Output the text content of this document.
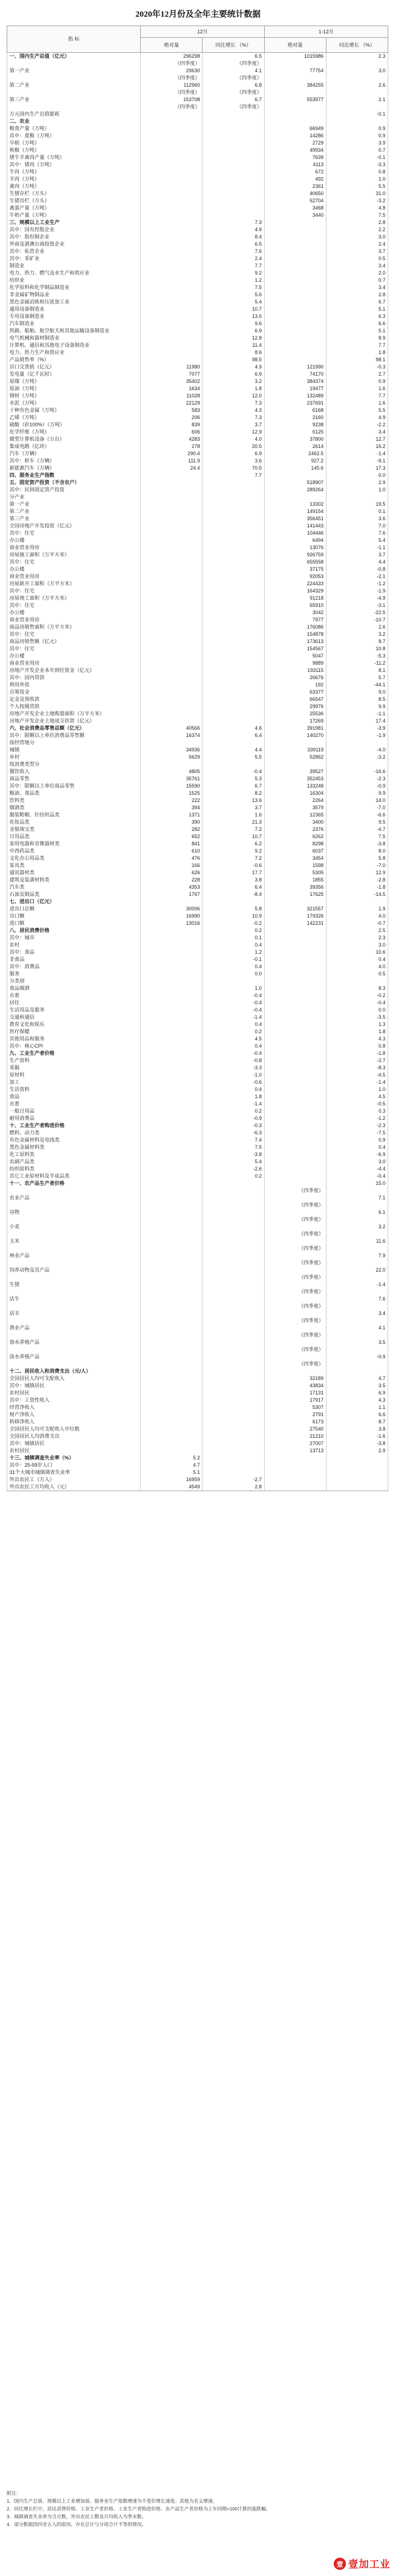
2020年12月份及全年主要统计数据
指 标	12月		1-12月	
	绝对量	同比增长 （%）	绝对量	同比增长 （%）
一、国内生产总值（亿元）	296298	6.5	1015986	2.3
	（四季度）	（四季度）		
第一产业	29630	4.1	77754	3.0
	（四季度）	（四季度）		
第二产业	112960	6.8	384255	2.6
	（四季度）	（四季度）		
第三产业	153708	6.7	553977	2.1
	（四季度）	（四季度）		
万元国内生产总值能耗				-0.1
二、农业				
粮食产量（万吨）			66949	0.9
其中：夏粮（万吨）			14286	0.9
早稻（万吨）			2729	3.9
秋粮（万吨）			49934	0.7
猪牛羊禽肉产量（万吨）			7639	-0.1
其中：猪肉（万吨）			4113	-3.3
牛肉（万吨）			672	0.8
羊肉（万吨）			492	1.0
禽肉（万吨）			2361	5.5
生猪存栏（万头）			40650	31.0
生猪出栏（万头）			52704	-3.2
禽蛋产量（万吨）			3468	4.8
牛奶产量（万吨）			3440	7.5
三、规模以上工业生产		7.3		2.8
其中：国有控股企业		4.9		2.2
其中：股份制企业		8.4		3.0
外商及港澳台商投资企业		6.5		2.4
其中：私营企业		7.6		3.7
其中：采矿业		2.4		0.5
制造业		7.7		3.4
电力、热力、燃气及水生产和供应业		9.2		2.0
纺织业		1.2		0.7
化学原料和化学制品制造业		7.5		3.4
非金属矿物制品业		5.6		2.8
黑色金属冶炼和压延加工业		5.4		6.7
通用设备制造业		10.7		5.1
专用设备制造业		13.5		6.3
汽车制造业		9.6		6.6
铁路、船舶、航空航天和其他运输设备制造业		6.9		5.1
电气机械和器材制造业		12.8		8.9
计算机、通信和其他电子设备制造业		11.4		7.7
电力、热力生产和供应业		8.6		1.8
产品销售率（%）		98.5		98.1
出口交货值（亿元）	11980	4.9	121990	-0.3
发电量（亿千瓦时）	7077	6.9	74170	2.7
原煤（万吨）	35402	3.2	384374	0.9
原油（万吨）	1634	1.8	19477	1.6
钢材（万吨）	11028	12.0	132489	7.7
水泥（万吨）	22129	7.3	237691	1.6
十种有色金属（万吨）	583	4.3	6168	5.5
乙烯（万吨）	206	7.3	2160	4.9
硫酸（折100%）（万吨）	839	3.7	9238	-2.2
化学纤维（万吨）	606	12.9	6125	3.4
微型计算机设备（万台）	4283	4.0	37800	12.7
集成电路（亿块）	278	20.5	2614	16.2
汽车（万辆）	290.4	6.9	2462.5	-1.4
其中：轿车（万辆）	111.9	3.6	927.2	-9.1
新能源汽车（万辆）	24.4	70.5	145.6	17.3
四、服务业生产指数		7.7		0.0
五、固定资产投资（不含农户）			518907	2.9
其中：民间固定资产投资			289264	1.0
分产业				
第一产业			13302	19.5
第二产业			149154	0.1
第三产业			356451	3.6
全国房地产开发投资（亿元）			141443	7.0
其中：住宅			104446	7.6
办公楼			6494	5.4
商业营业用房			13076	-1.1
房屋施工面积（万平方米）			926759	3.7
其中：住宅			655558	4.4
办公楼			37175	-0.8
商业营业用房			92053	-2.1
房屋新开工面积（万平方米）			224433	-1.2
其中：住宅			164329	-1.9
房屋竣工面积（万平方米）			91218	-4.9
其中：住宅			65910	-3.1
办公楼			3042	-22.5
商业营业用房			7977	-10.7
商品房销售面积（万平方米）			176086	2.6
其中：住宅			154878	3.2
商品房销售额（亿元）			173613	8.7
其中：住宅			154567	10.8
办公楼			5047	-5.3
商业营业用房			9889	-11.2
房地产开发企业本年到位资金（亿元）			193115	8.1
其中：国内贷款			26676	5.7
利用外资			192	-44.1
自筹资金			63377	9.0
定金及预收款			66547	8.5
个人按揭贷款			29976	9.9
房地产开发企业土地购置面积（万平方米）			25536	-1.1
房地产开发企业土地成交价款（亿元）			17269	17.4
六、社会消费品零售总额（亿元）	40566	4.6	391981	-3.9
其中：限额以上单位消费品零售额	16374	6.4	140270	-1.9
按经营地分				
城镇	34936	4.4	339119	-4.0
乡村	5629	5.5	52862	-3.2
按消费类型分				
餐饮收入	4805	-0.4	39527	-16.6
商品零售	35761	5.3	352453	-2.3
其中：限额以上单位商品零售	15590	6.7	133248	-0.9
粮油、食品类	1525	8.2	16304	9.9
饮料类	222	13.6	2264	14.0
烟酒类	394	3.7	3579	-7.0
服装鞋帽、针纺织品类	1371	1.6	12365	-6.6
化妆品类	390	21.3	3400	9.5
金银珠宝类	282	7.2	2376	-4.7
日用品类	652	10.7	6262	7.5
家用电器和音像器材类	841	6.2	8298	-3.8
中西药品类	610	9.2	6037	8.0
文化办公用品类	476	7.2	3454	5.8
家具类	166	-0.6	1598	-7.0
通讯器材类	626	17.7	5305	12.9
建筑及装潢材料类	228	3.8	1855	-2.8
汽车类	4353	6.4	39356	-1.8
石油及制品类	1767	-8.4	17625	-14.5
七、进出口（亿元）				
进出口总额	30006	5.8	321557	1.9
出口额	16990	10.9	179326	4.0
进口额	13016	-0.2	142231	-0.7
八、居民消费价格		0.2		2.5
其中：城市		0.1		2.3
农村		0.4		3.0
其中：食品		1.2		10.6
非食品		-0.1		0.4
其中：消费品		0.4		4.0
服务		0.0		0.5
分类别				
食品烟酒		1.0		8.3
衣着		-0.4		-0.2
居住		-0.4		-0.4
生活用品及服务		-0.4		0.0
交通和通信		-1.4		-3.5
教育文化和娱乐		0.4		1.3
医疗保健		0.2		1.8
其他用品和服务		4.5		4.3
其中：核心CPI		0.4		0.8
九、工业生产者价格		-0.4		-1.8
生产资料		-0.8		-2.7
采掘		-3.3		-8.3
原材料		-1.0		-4.5
加工		-0.6		-1.4
生活资料		0.4		1.0
食品		1.8		4.5
衣着		-1.4		-0.5
一般日用品		0.2		0.3
耐用消费品		-0.9		-1.2
十、工业生产者购进价格		-0.3		-2.3
燃料、动力类		-6.3		-7.5
有色金属材料及电线类		7.4		0.9
黑色金属材料类		7.5		0.4
化工原料类		-3.8		-6.9
农副产品类		5.4		3.0
纺织原料类		-2.6		-4.4
其它工业原材料及半成品类		0.2		-0.4
十一、农产品生产者价格				15.0
			（四季度）	
农业产品				7.1
			（四季度）	
谷物				6.1
			（四季度）	
小麦				3.2
			（四季度）	
玉米				11.6
			（四季度）	
林业产品				7.9
			（四季度）	
饲养动物及其产品				22.0
			（四季度）	
生猪				-1.4
			（四季度）	
活牛				7.6
			（四季度）	
活羊				3.4
			（四季度）	
渔业产品				4.1
			（四季度）	
海水养殖产品				3.5
			（四季度）	
淡水养殖产品				-0.9
			（四季度）	
十二、居民收入和消费支出（元/人）				
全国居民人均可支配收入			32189	4.7
其中：城镇居民			43834	3.5
农村居民			17131	6.9
其中：工资性收入			17917	4.3
经营净收入			5307	1.1
财产净收入			2791	6.6
转移净收入			6173	8.7
全国居民人均可支配收入中位数			27540	3.8
全国居民人均消费支出			21210	-1.6
其中：城镇居民			27007	-3.8
农村居民			13713	2.9
十三、城镇调查失业率（%）	5.2			
其中：25-59岁人口	4.7			
31个大城市城镇调查失业率	5.1			
外出农民工（万人）	16959	-2.7		
外出农民工月均收入（元）	4549	2.8		
附注：
1．国内生产总值、规模以上工业增加值、服务业生产指数增速为不变价增长速度；其他为名义增速。
2．同比增长栏中，居民消费价格、工业生产者价格、工业生产者购进价格、农产品生产者价格为上年同期=100计算的涨跌幅。
3．城镇调查失业率为当月数，外出农民工数及月均收入为季末数。
4．部分数据因四舍五入的原因，存在总计与分项合计不等的情况。
壹 壹加工业
